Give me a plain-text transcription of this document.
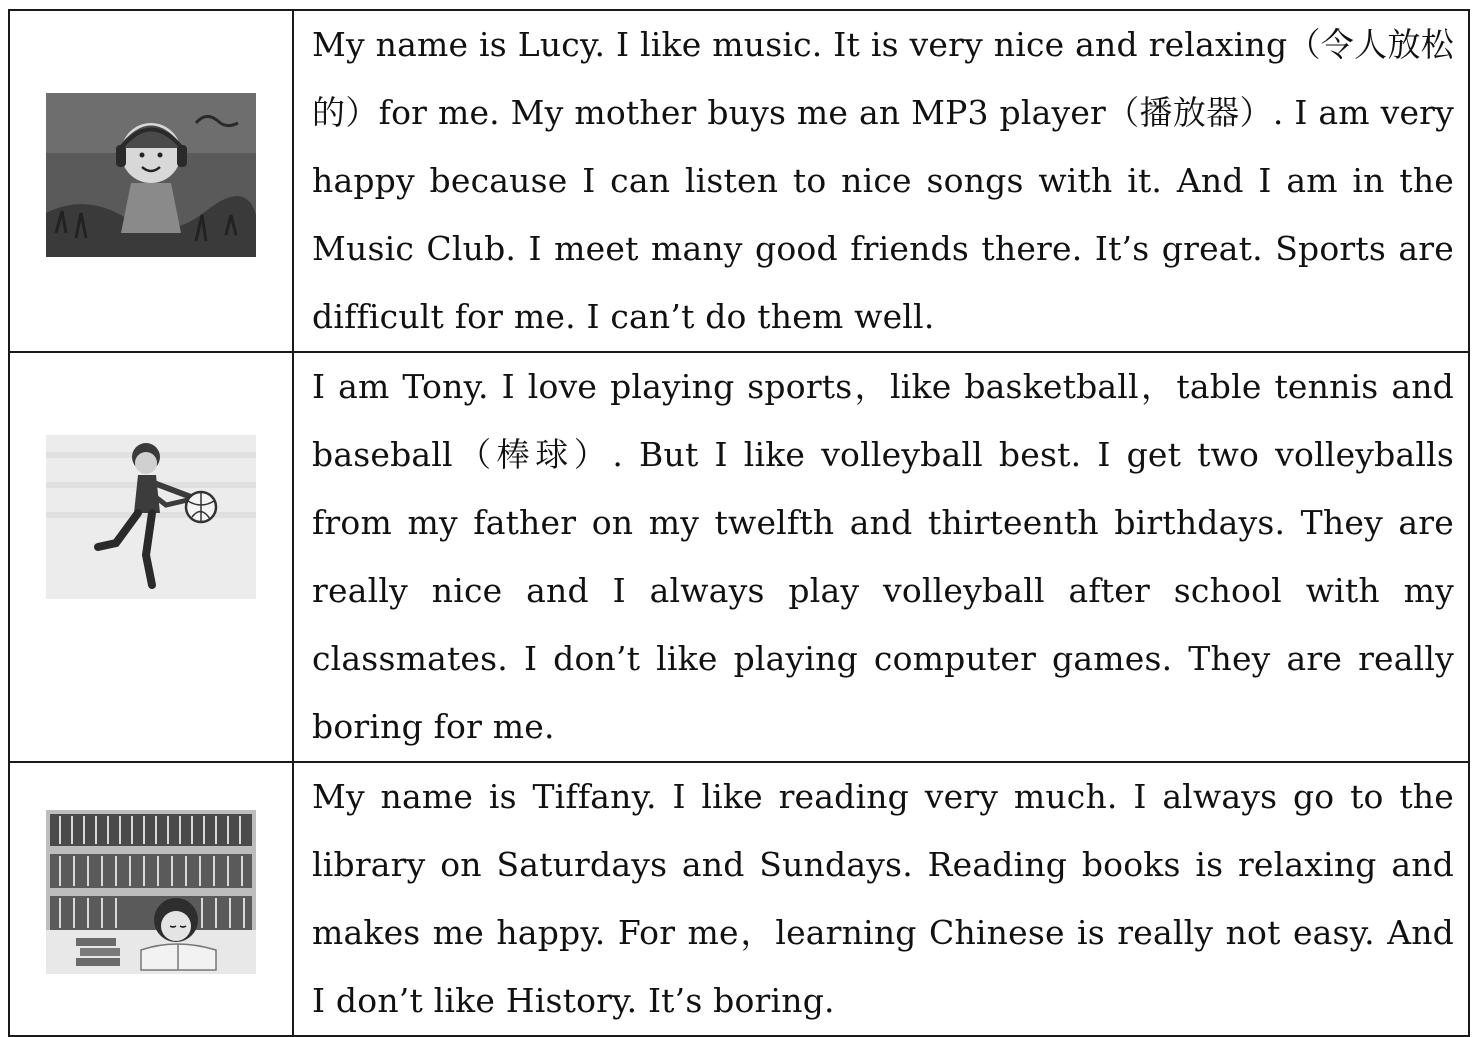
My name is Lucy. I like music. It is very nice and relaxing（令人放松的）for me. My mother buys me an MP3 player（播放器）. I am very happy because I can listen to nice songs with it. And I am in the Music Club. I meet many good friends there. It’s great. Sports are difficult for me. I can’t do them well.

I am Tony. I love playing sports，like basketball，table tennis and baseball（棒球）. But I like volleyball best. I get two volleyballs from my father on my twelfth and thirteenth birthdays. They are really nice and I always play volleyball after school with my classmates. I don’t like playing computer games. They are really boring for me.

My name is Tiffany. I like reading very much. I always go to the library on Saturdays and Sundays. Reading books is relaxing and makes me happy. For me，learning Chinese is really not easy. And I don’t like History. It’s boring.
